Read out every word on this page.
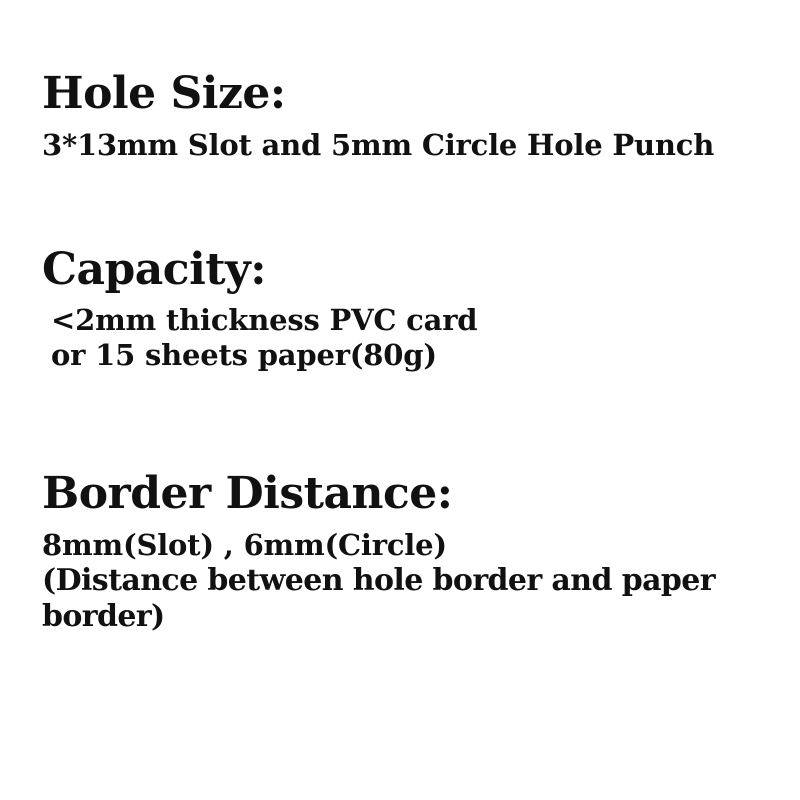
Hole Size:

3*13mm Slot and 5mm Circle Hole Punch

Capacity:

<2mm thickness PVC card

or 15 sheets paper(80g)

Border Distance:

8mm(Slot) , 6mm(Circle)

(Distance between hole border and paper

border)
